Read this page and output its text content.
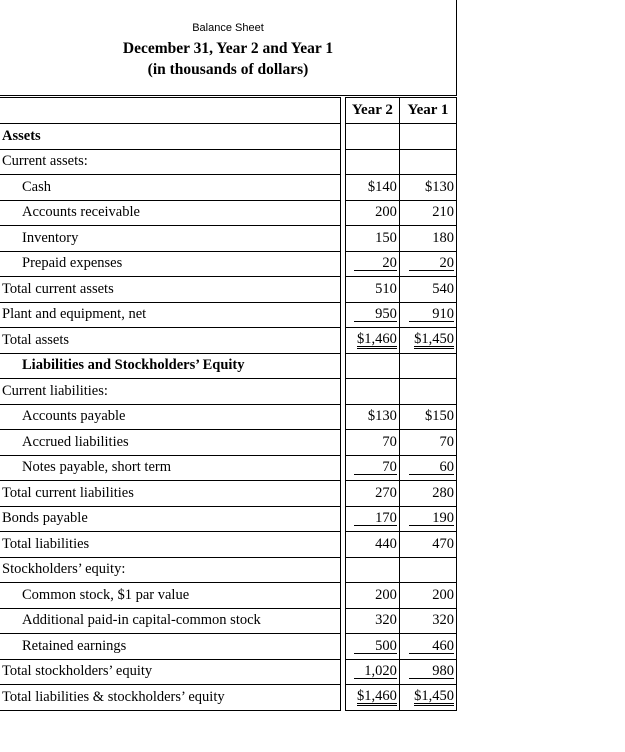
Balance Sheet
December 31, Year 2 and Year 1
(in thousands of dollars)
		Year 2	Year 1
Assets			
Current assets:			
Cash		$140	$130
Accounts receivable		200	210
Inventory		150	180
Prepaid expenses		20	20
Total current assets		510	540
Plant and equipment, net		950	910
Total assets		$1,460	$1,450
Liabilities and Stockholders’ Equity			
Current liabilities:			
Accounts payable		$130	$150
Accrued liabilities		70	70
Notes payable, short term		70	60
Total current liabilities		270	280
Bonds payable		170	190
Total liabilities		440	470
Stockholders’ equity:			
Common stock, $1 par value		200	200
Additional paid-in capital-common stock		320	320
Retained earnings		500	460
Total stockholders’ equity		1,020	980
Total liabilities & stockholders’ equity		$1,460	$1,450
